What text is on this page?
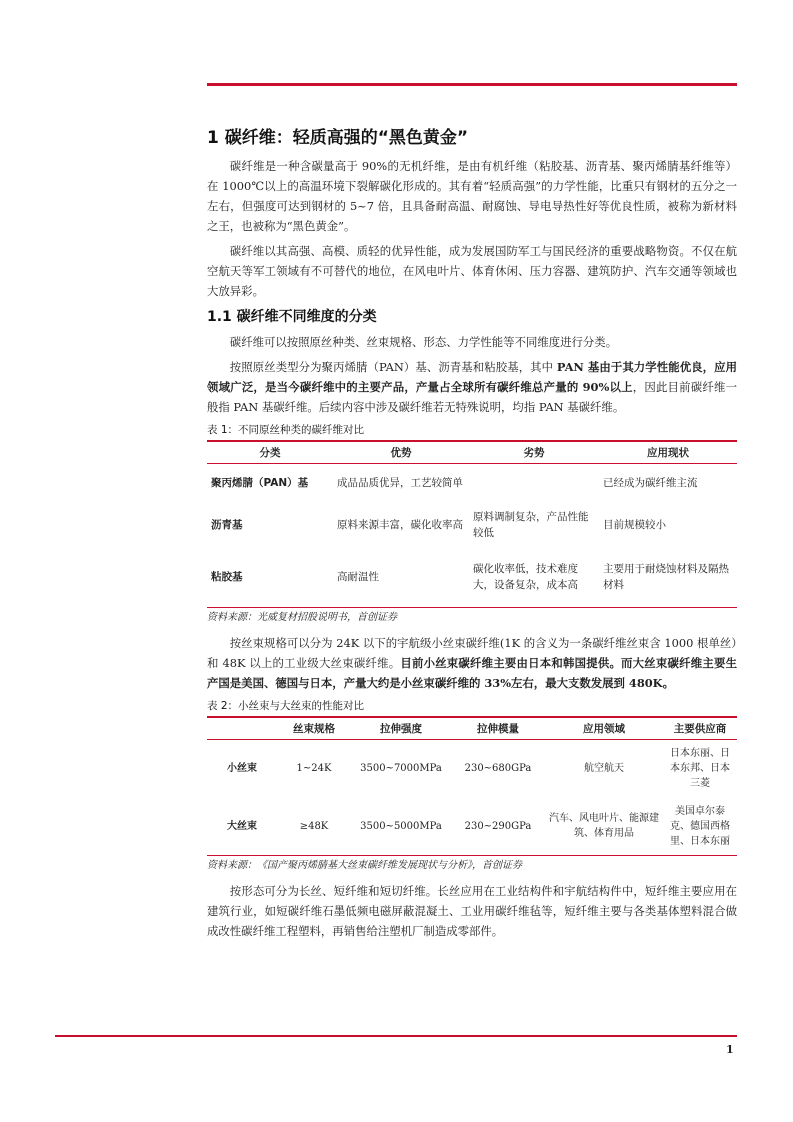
1 碳纤维：轻质高强的“黑色黄金”

碳纤维是一种含碳量高于 90%的无机纤维，是由有机纤维（粘胶基、沥青基、聚丙烯腈基纤维等）在 1000℃以上的高温环境下裂解碳化形成的。其有着“轻质高强”的力学性能，比重只有钢材的五分之一左右，但强度可达到钢材的 5~7 倍，且具备耐高温、耐腐蚀、导电导热性好等优良性质，被称为新材料之王，也被称为“黑色黄金”。

碳纤维以其高强、高模、质轻的优异性能，成为发展国防军工与国民经济的重要战略物资。不仅在航空航天等军工领域有不可替代的地位，在风电叶片、体育休闲、压力容器、建筑防护、汽车交通等领域也大放异彩。

1.1 碳纤维不同维度的分类

碳纤维可以按照原丝种类、丝束规格、形态、力学性能等不同维度进行分类。

按照原丝类型分为聚丙烯腈（PAN）基、沥青基和粘胶基，其中 PAN 基由于其力学性能优良，应用领域广泛，是当今碳纤维中的主要产品，产量占全球所有碳纤维总产量的 90%以上，因此目前碳纤维一般指 PAN 基碳纤维。后续内容中涉及碳纤维若无特殊说明，均指 PAN 基碳纤维。

表 1：不同原丝种类的碳纤维对比
分类	优势	劣势	应用现状
聚丙烯腈（PAN）基	成品品质优异，工艺较简单		已经成为碳纤维主流
沥青基	原料来源丰富，碳化收率高	原料调制复杂，产品性能较低	目前规模较小
粘胶基	高耐温性	碳化收率低，技术难度大，设备复杂，成本高	主要用于耐烧蚀材料及隔热材料
资料来源：光威复材招股说明书，首创证券

按丝束规格可以分为 24K 以下的宇航级小丝束碳纤维(1K 的含义为一条碳纤维丝束含 1000 根单丝）和 48K 以上的工业级大丝束碳纤维。目前小丝束碳纤维主要由日本和韩国提供。而大丝束碳纤维主要生产国是美国、德国与日本，产量大约是小丝束碳纤维的 33%左右，最大支数发展到 480K。

表 2：小丝束与大丝束的性能对比
	丝束规格	拉伸强度	拉伸模量	应用领域	主要供应商
小丝束	1~24K	3500~7000MPa	230~680GPa	航空航天	日本东丽、日本东邦、日本三菱
大丝束	≥48K	3500~5000MPa	230~290GPa	汽车、风电叶片、能源建筑、体育用品	美国卓尔泰克、德国西格里、日本东丽
资料来源：《国产聚丙烯腈基大丝束碳纤维发展现状与分析》，首创证券

按形态可分为长丝、短纤维和短切纤维。长丝应用在工业结构件和宇航结构件中，短纤维主要应用在建筑行业，如短碳纤维石墨低频电磁屏蔽混凝土、工业用碳纤维毡等，短纤维主要与各类基体塑料混合做成改性碳纤维工程塑料，再销售给注塑机厂制造成零部件。

1
